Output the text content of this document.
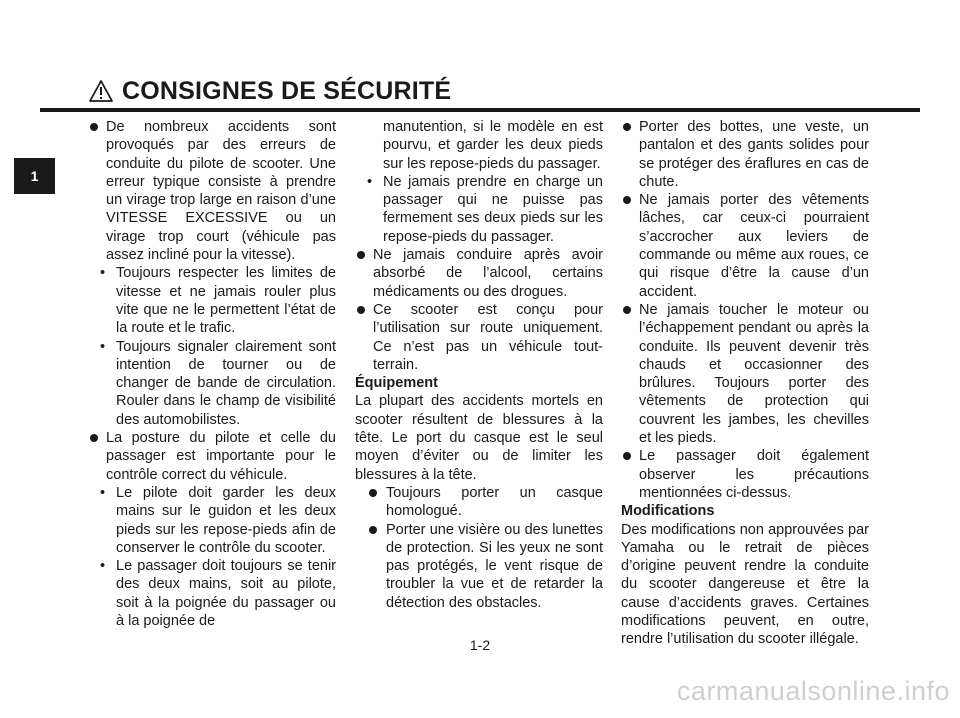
CONSIGNES DE SÉCURITÉ
1

De nombreux accidents sont provoqués par des erreurs de conduite du pilote de scooter. Une erreur typique consiste à prendre un virage trop large en raison d’une VITESSE EXCESSIVE ou un virage trop court (véhicule pas assez incliné pour la vitesse).

• Toujours respecter les limites de vitesse et ne jamais rouler plus vite que ne le permettent l’état de la route et le trafic.

• Toujours signaler clairement sont intention de tourner ou de changer de bande de circulation. Rouler dans le champ de visibilité des automobilistes.

La posture du pilote et celle du passager est importante pour le contrôle correct du véhicule.

• Le pilote doit garder les deux mains sur le guidon et les deux pieds sur les repose-pieds afin de conserver le contrôle du scooter.

• Le passager doit toujours se tenir des deux mains, soit au pilote, soit à la poignée du passager ou à la poignée de

manutention, si le modèle en est pourvu, et garder les deux pieds sur les repose-pieds du passager.

• Ne jamais prendre en charge un passager qui ne puisse pas fermement ses deux pieds sur les repose-pieds du passager.

Ne jamais conduire après avoir absorbé de l’alcool, certains médicaments ou des drogues.

Ce scooter est conçu pour l’utilisation sur route uniquement. Ce n’est pas un véhicule tout-terrain.

Équipement

La plupart des accidents mortels en scooter résultent de blessures à la tête. Le port du casque est le seul moyen d’éviter ou de limiter les blessures à la tête.

Toujours porter un casque homologué.

Porter une visière ou des lunettes de protection. Si les yeux ne sont pas protégés, le vent risque de troubler la vue et de retarder la détection des obstacles.

Porter des bottes, une veste, un pantalon et des gants solides pour se protéger des éraflures en cas de chute.

Ne jamais porter des vêtements lâches, car ceux-ci pourraient s’accrocher aux leviers de commande ou même aux roues, ce qui risque d’être la cause d’un accident.

Ne jamais toucher le moteur ou l’échappement pendant ou après la conduite. Ils peuvent devenir très chauds et occasionner des brûlures. Toujours porter des vêtements de protection qui couvrent les jambes, les chevilles et les pieds.

Le passager doit également observer les précautions mentionnées ci-dessus.

Modifications

Des modifications non approuvées par Yamaha ou le retrait de pièces d’origine peuvent rendre la conduite du scooter dangereuse et être la cause d’accidents graves. Certaines modifications peuvent, en outre, rendre l’utilisation du scooter illégale.

1-2
carmanualsonline.info
